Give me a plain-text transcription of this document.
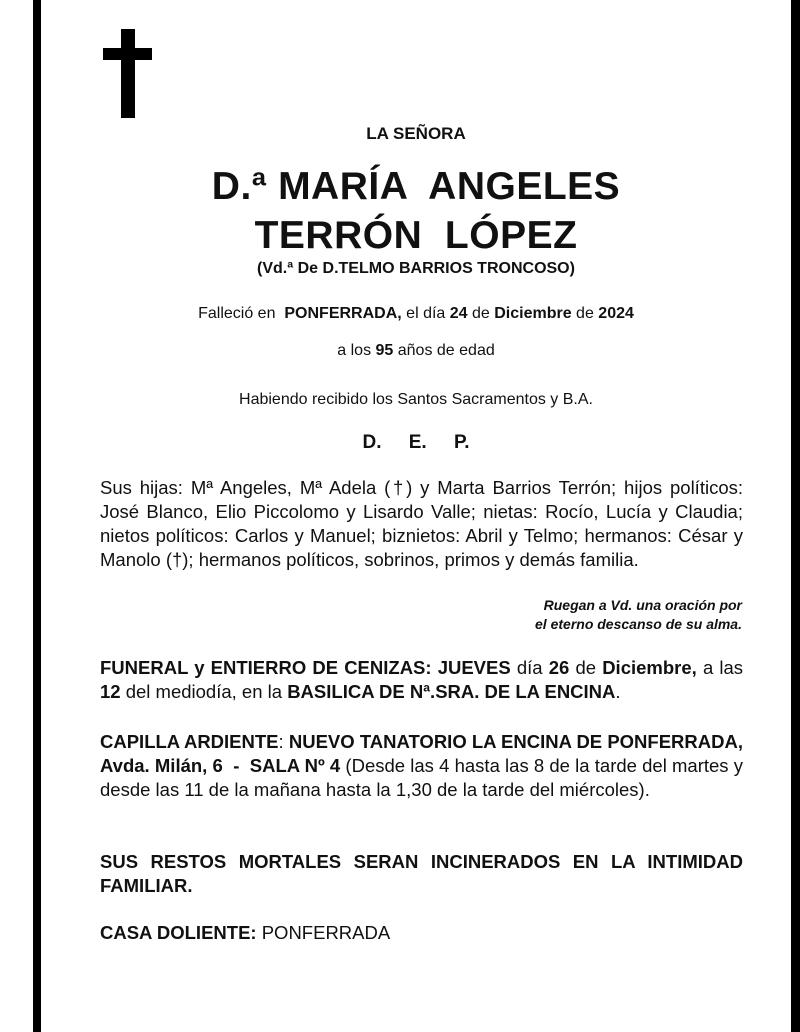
LA SEÑORA
D.ª MARÍA  ANGELES
TERRÓN  LÓPEZ
(Vd.ª De D.TELMO BARRIOS TRONCOSO)
Falleció en  PONFERRADA, el día 24 de Diciembre de 2024
a los 95 años de edad
Habiendo recibido los Santos Sacramentos y B.A.
D. E. P.
Sus hijas: Mª Angeles, Mª Adela (†) y Marta Barrios Terrón; hijos políticos: José Blanco, Elio Piccolomo y Lisardo Valle; nietas: Rocío, Lucía y Claudia; nietos políticos: Carlos y Manuel; biznietos: Abril y Telmo; hermanos: César y Manolo (†); hermanos políticos, sobrinos, primos y demás familia.
Ruegan a Vd. una oración por
el eterno descanso de su alma.
FUNERAL y ENTIERRO DE CENIZAS: JUEVES día 26 de Diciembre, a las 12 del mediodía, en la BASILICA DE Nª.SRA. DE LA ENCINA.
CAPILLA ARDIENTE: NUEVO TANATORIO LA ENCINA DE PONFERRADA, Avda. Milán, 6  -  SALA Nº 4 (Desde las 4 hasta las 8 de la tarde del martes y desde las 11 de la mañana hasta la 1,30 de la tarde del miércoles).
SUS RESTOS MORTALES SERAN INCINERADOS EN LA INTIMIDAD FAMILIAR.
CASA DOLIENTE: PONFERRADA
